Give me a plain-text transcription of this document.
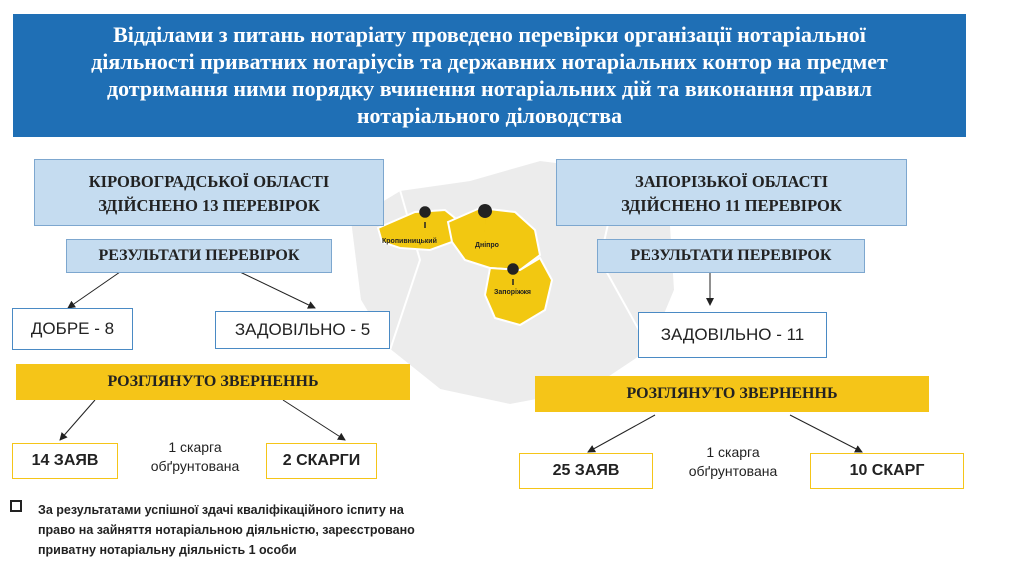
Відділами з питань нотаріату проведено перевірки організації нотаріальної
діяльності приватних нотаріусів та державних нотаріальних контор на предмет
дотримання ними порядку вчинення нотаріальних дій та виконання правил
нотаріального діловодства
Кропивницький
Дніпро
Запоріжжя
КІРОВОГРАДСЬКОЇ ОБЛАСТІ
ЗДІЙСНЕНО 13 ПЕРЕВІРОК
РЕЗУЛЬТАТИ ПЕРЕВІРОК
ДОБРЕ - 8	ЗАДОВІЛЬНО - 5
РОЗГЛЯНУТО ЗВЕРНЕННЬ
14 ЗАЯВ
1 скарга
обґрунтована	2 СКАРГИ
ЗАПОРІЗЬКОЇ ОБЛАСТІ
ЗДІЙСНЕНО 11 ПЕРЕВІРОК
РЕЗУЛЬТАТИ ПЕРЕВІРОК
ЗАДОВІЛЬНО - 11
РОЗГЛЯНУТО ЗВЕРНЕННЬ
25 ЗАЯВ
1 скарга
обґрунтована	10 СКАРГ
За результатами успішної здачі кваліфікаційного іспиту на
право на зайняття нотаріальною діяльністю, зареєстровано
приватну нотаріальну діяльність 1 особи
